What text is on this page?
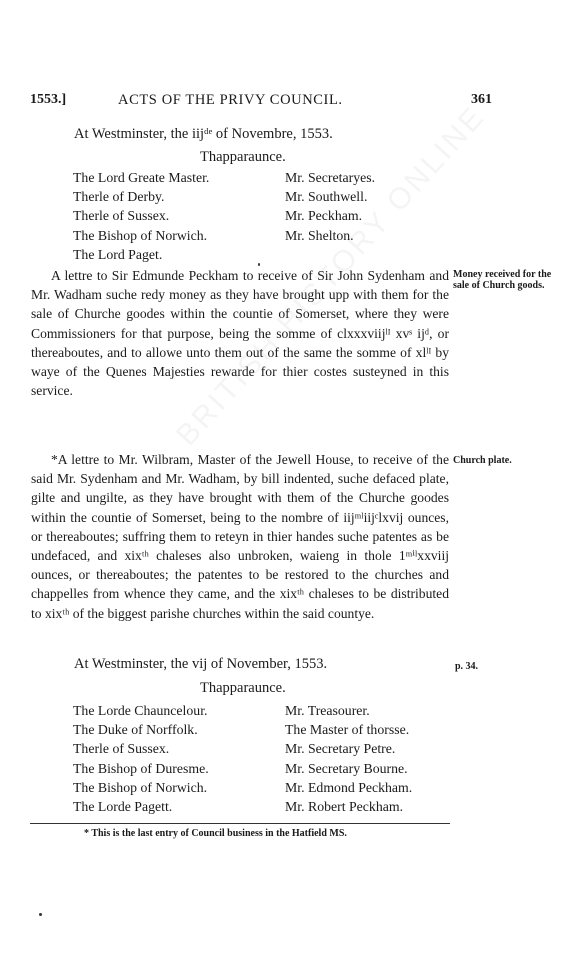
1553.]	ACTS OF THE PRIVY COUNCIL.	361
At Westminster, the iijᵈᵉ of Novembre, 1553.
Thapparaunce.
The Lord Greate Master.	Mr. Secretaryes.
Therle of Derby.	Mr. Southwell.
Therle of Sussex.	Mr. Peckham.
The Bishop of Norwich.	Mr. Shelton.
The Lord Paget.

A lettre to Sir Edmunde Peckham to receive of Sir John Sydenham and Mr. Wadham suche redy money as they have brought upp with them for the sale of Churche goodes within the countie of Somerset, where they were Commissioners for that purpose, being the somme of clxxxviijˡᴵ xvˢ ijᵈ, or thereaboutes, and to allowe unto them out of the same the somme of xlˡᴵ by waye of the Quenes Majesties rewarde for thier costes susteyned in this service.

Money received for the sale of Church goods.

*A lettre to Mr. Wilbram, Master of the Jewell House, to receive of the said Mr. Sydenham and Mr. Wadham, by bill indented, suche defaced plate, gilte and ungilte, as they have brought with them of the Churche goodes within the countie of Somerset, being to the nombre of iijᵐˡiijᶜlxvij ounces, or thereaboutes; suffring them to reteyn in thier handes suche patentes as be undefaced, and xixᵗʰ chaleses also unbroken, waieng in thole 1ᵐⁱˡxxviij ounces, or thereaboutes; the patentes to be restored to the churches and chappelles from whence they came, and the xixᵗʰ chaleses to be distributed to xixᵗʰ of the biggest parishe churches within the said countye.

Church plate.
At Westminster, the vij of November, 1553.	p. 34.
Thapparaunce.
The Lorde Chauncelour.	Mr. Treasourer.
The Duke of Norffolk.	The Master of thorsse.
Therle of Sussex.	Mr. Secretary Petre.
The Bishop of Duresme.	Mr. Secretary Bourne.
The Bishop of Norwich.	Mr. Edmond Peckham.
The Lorde Pagett.	Mr. Robert Peckham.
* This is the last entry of Council business in the Hatfield MS.
